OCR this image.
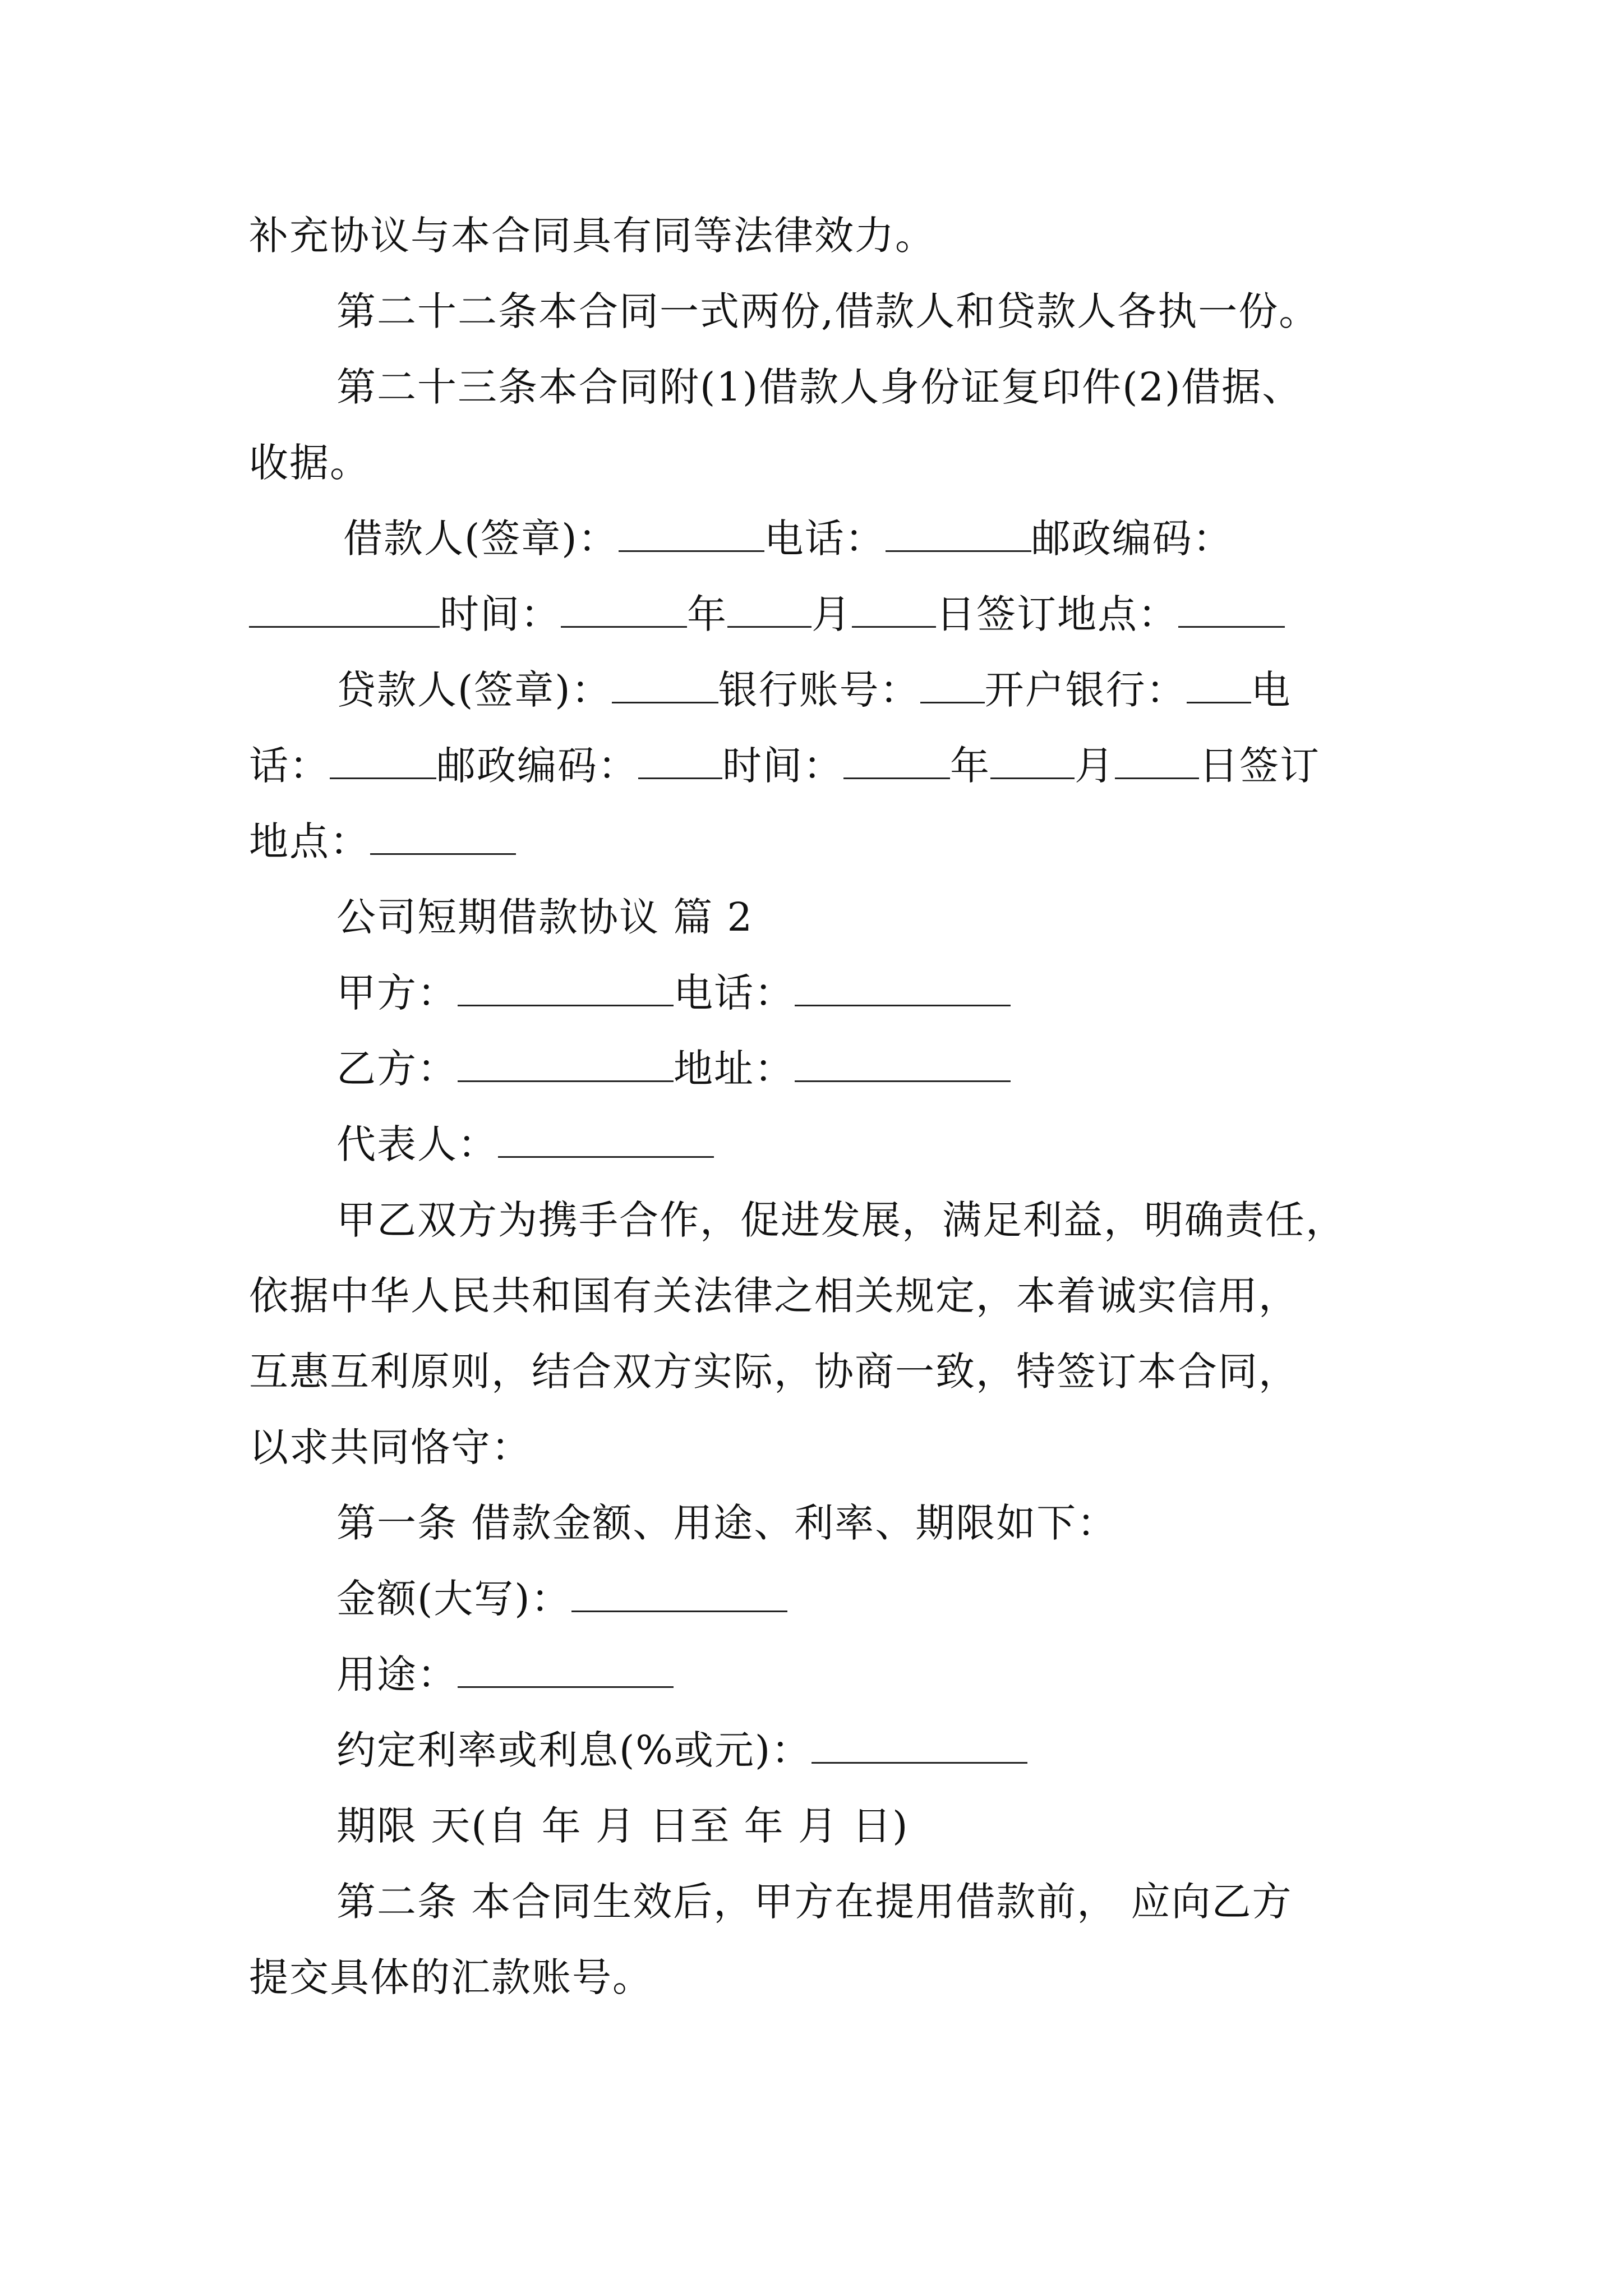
补充协议与本合同具有同等法律效力。
第二十二条本合同一式两份,借款人和贷款人各执一份。
第二十三条本合同附(1)借款人身份证复印件(2)借据、
收据。
借款人(签章)：	电话：	邮政编码：
时间：	年 月 日签订地点：
贷款人(签章)：	银行账号： 开户银行： 电
话：	邮政编码： 时间：	年 月 日签订
地点：
公司短期借款协议 篇 2
甲方：	电话：
乙方：	地址：
代表人：
甲乙双方为携手合作，促进发展，满足利益，明确责任，
依据中华人民共和国有关法律之相关规定，本着诚实信用，
互惠互利原则，结合双方实际，协商一致，特签订本合同，
以求共同恪守：
第一条 借款金额、用途、利率、期限如下：
金额(大写)：
用途：
约定利率或利息(%或元)：
期限 天(自 年 月 日至 年 月 日)
第二条 本合同生效后，甲方在提用借款前， 应向乙方
提交具体的汇款账号。
